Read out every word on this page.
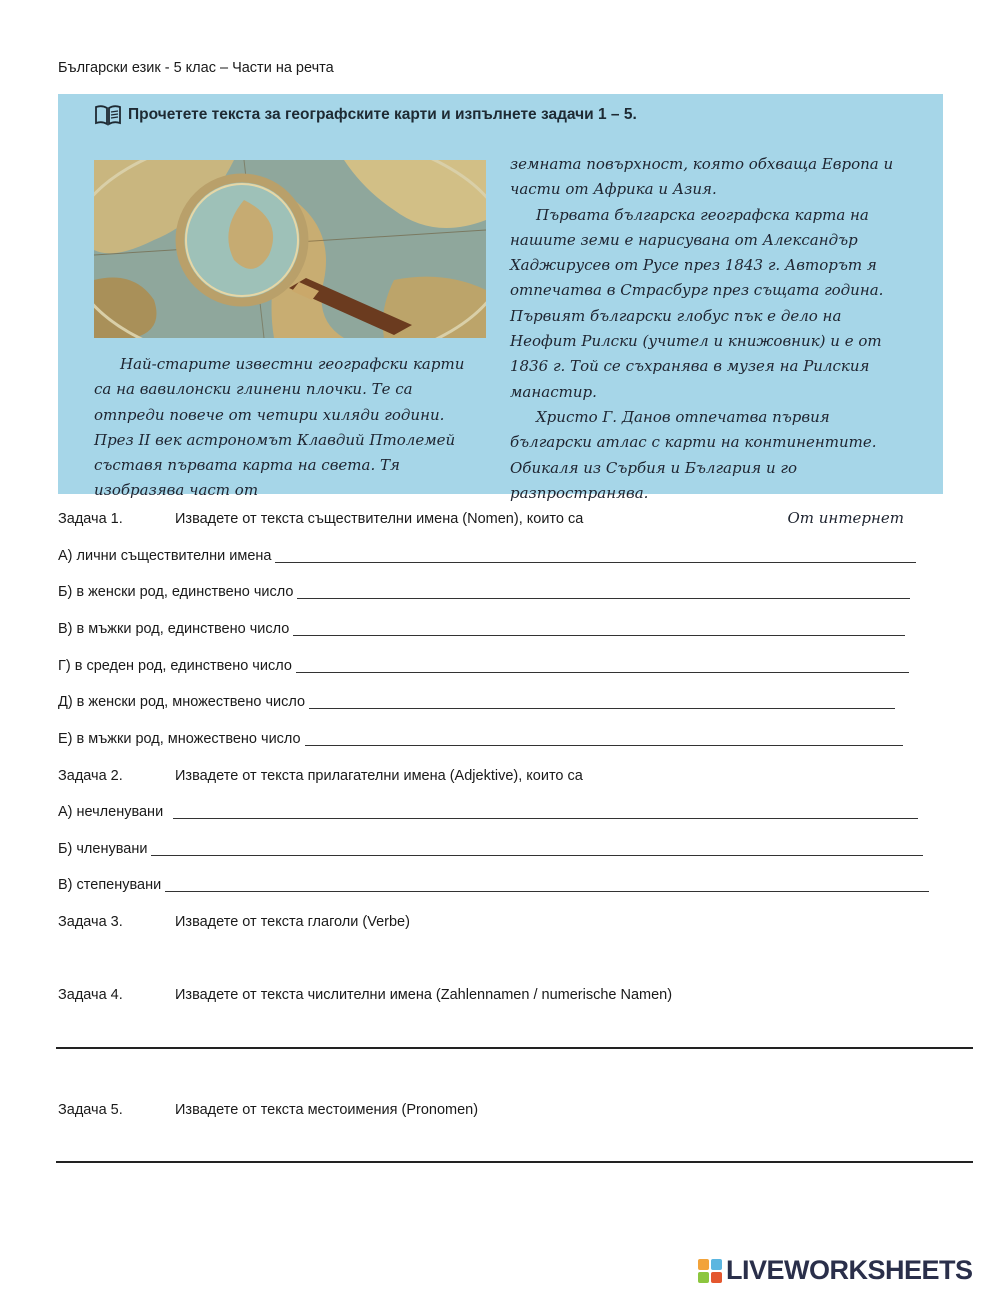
Български език - 5 клас – Части на речта
Прочетете текста за географските карти и изпълнете задачи 1 – 5.

Най-старите известни географски карти са на вавилонски глинени плочки. Те са отпреди повече от четири хиляди години. През II век астрономът Клавдий Птолемей съставя първата карта на света. Тя изобразява част от

земната повърхност, която обхваща Европа и части от Африка и Азия.

Първата българска географска карта на нашите земи е нарисувана от Александър Хаджирусев от Русе през 1843 г. Авторът я отпечатва в Страсбург през същата година. Първият български глобус пък е дело на Неофит Рилски (учител и книжовник) и е от 1836 г. Той се съхранява в музея на Рилския манастир.

Христо Г. Данов отпечатва първия български атлас с карти на континентите. Обикаля из Сърбия и България и го разпространява.

От интернет

Задача 1.	Извадете от текста съществителни имена (Nomen), които са
А) лични съществителни имена
Б) в женски род, единствено число
В) в мъжки род, единствено число
Г) в среден род, единствено число
Д) в женски род, множествено число
Е) в мъжки род, множествено число
Задача 2.	Извадете от текста прилагателни имена (Adjektive), които са
А) нечленувани
Б) членувани
В) степенувани
Задача 3.	Извадете от текста глаголи (Verbe)
Задача 4.	Извадете от текста числителни имена (Zahlennamen / numerische Namen)
Задача 5.	Извадете от текста местоимения (Pronomen)
LIVEWORKSHEETS
